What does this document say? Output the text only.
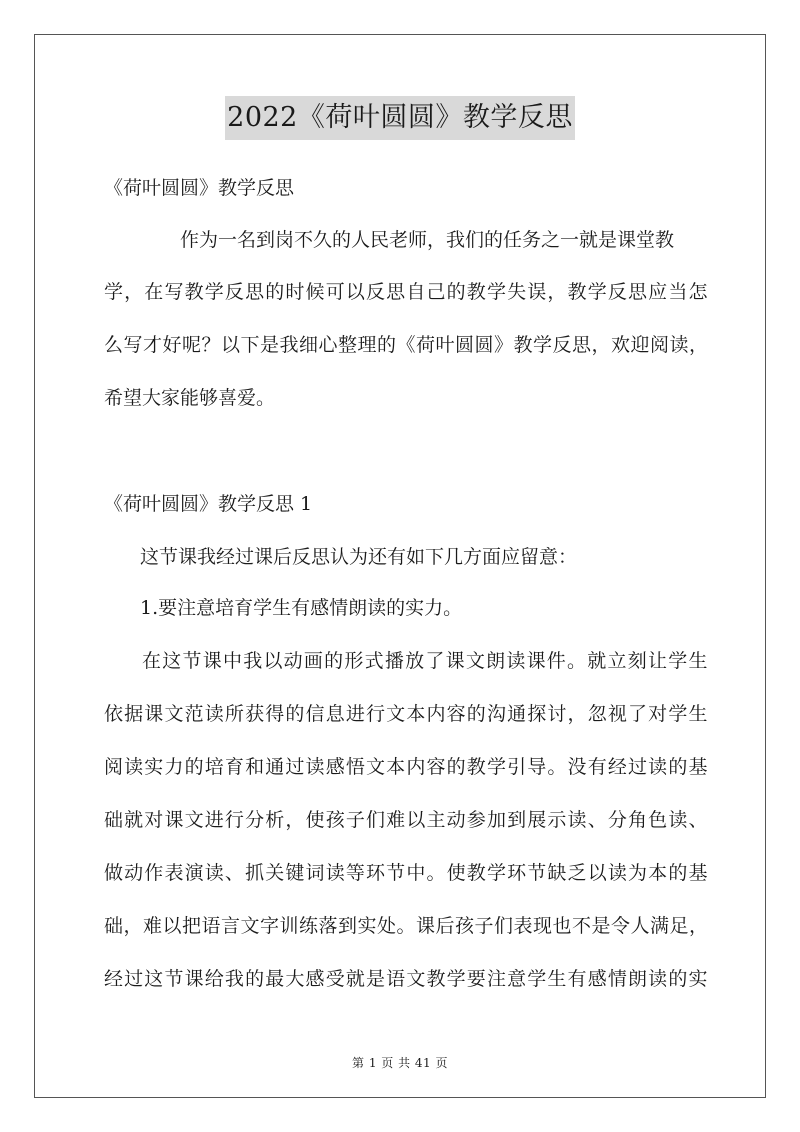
2022《荷叶圆圆》教学反思
《荷叶圆圆》教学反思
作为一名到岗不久的人民老师，我们的任务之一就是课堂教
学，在写教学反思的时候可以反思自己的教学失误，教学反思应当怎
么写才好呢？以下是我细心整理的《荷叶圆圆》教学反思，欢迎阅读，
希望大家能够喜爱。
《荷叶圆圆》教学反思 1
这节课我经过课后反思认为还有如下几方面应留意：
1.要注意培育学生有感情朗读的实力。
在这节课中我以动画的形式播放了课文朗读课件。就立刻让学生
依据课文范读所获得的信息进行文本内容的沟通探讨，忽视了对学生
阅读实力的培育和通过读感悟文本内容的教学引导。没有经过读的基
础就对课文进行分析，使孩子们难以主动参加到展示读、分角色读、
做动作表演读、抓关键词读等环节中。使教学环节缺乏以读为本的基
础，难以把语言文字训练落到实处。课后孩子们表现也不是令人满足，
经过这节课给我的最大感受就是语文教学要注意学生有感情朗读的实
第 1 页 共 41 页
